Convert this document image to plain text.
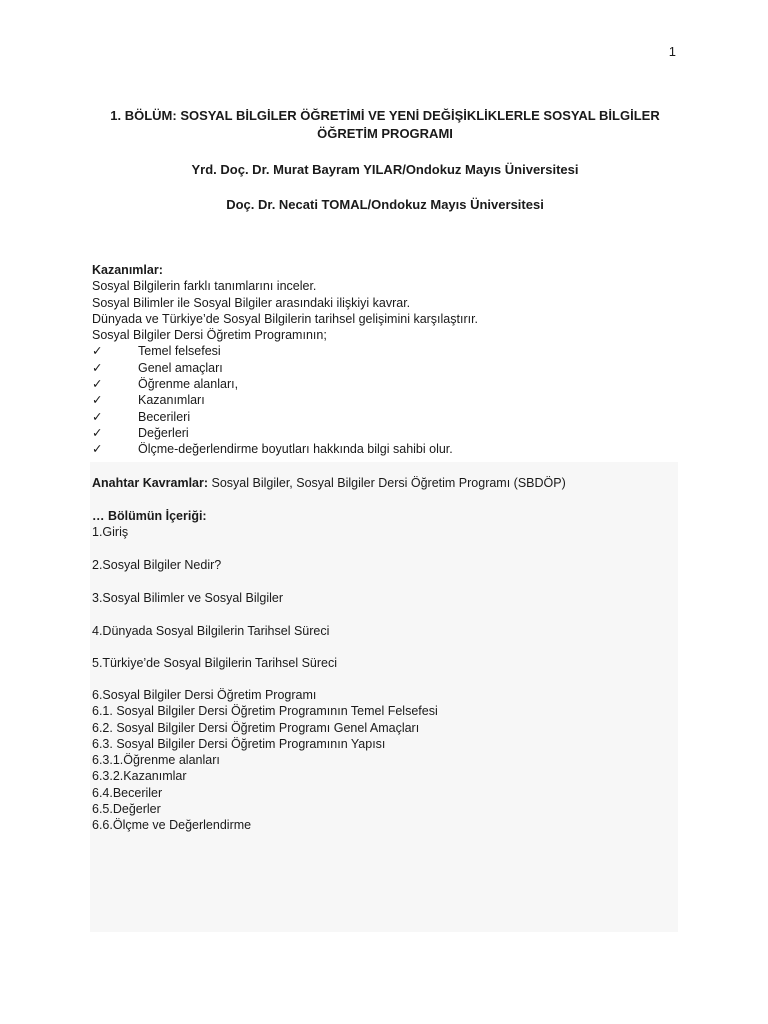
1
1. BÖLÜM: SOSYAL BİLGİLER ÖĞRETİMİ VE YENİ DEĞİŞİKLİKLERLE SOSYAL BİLGİLER
ÖĞRETİM PROGRAMI
Yrd. Doç. Dr. Murat Bayram YILAR/Ondokuz Mayıs Üniversitesi
Doç. Dr. Necati TOMAL/Ondokuz Mayıs Üniversitesi
Kazanımlar:
Sosyal Bilgilerin farklı tanımlarını inceler.
Sosyal Bilimler ile Sosyal Bilgiler arasındaki ilişkiyi kavrar.
Dünyada ve Türkiye’de Sosyal Bilgilerin tarihsel gelişimini karşılaştırır.
Sosyal Bilgiler Dersi Öğretim Programının;
✓	Temel felsefesi
✓	Genel amaçları
✓	Öğrenme alanları,
✓	Kazanımları
✓	Becerileri
✓	Değerleri
✓	Ölçme-değerlendirme boyutları hakkında bilgi sahibi olur.
Anahtar Kavramlar: Sosyal Bilgiler, Sosyal Bilgiler Dersi Öğretim Programı (SBDÖP)
… Bölümün İçeriği:
1.Giriş
2.Sosyal Bilgiler Nedir?
3.Sosyal Bilimler ve Sosyal Bilgiler
4.Dünyada Sosyal Bilgilerin Tarihsel Süreci
5.Türkiye’de Sosyal Bilgilerin Tarihsel Süreci
6.Sosyal Bilgiler Dersi Öğretim Programı
6.1. Sosyal Bilgiler Dersi Öğretim Programının Temel Felsefesi
6.2. Sosyal Bilgiler Dersi Öğretim Programı Genel Amaçları
6.3. Sosyal Bilgiler Dersi Öğretim Programının Yapısı
6.3.1.Öğrenme alanları
6.3.2.Kazanımlar
6.4.Beceriler
6.5.Değerler
6.6.Ölçme ve Değerlendirme
